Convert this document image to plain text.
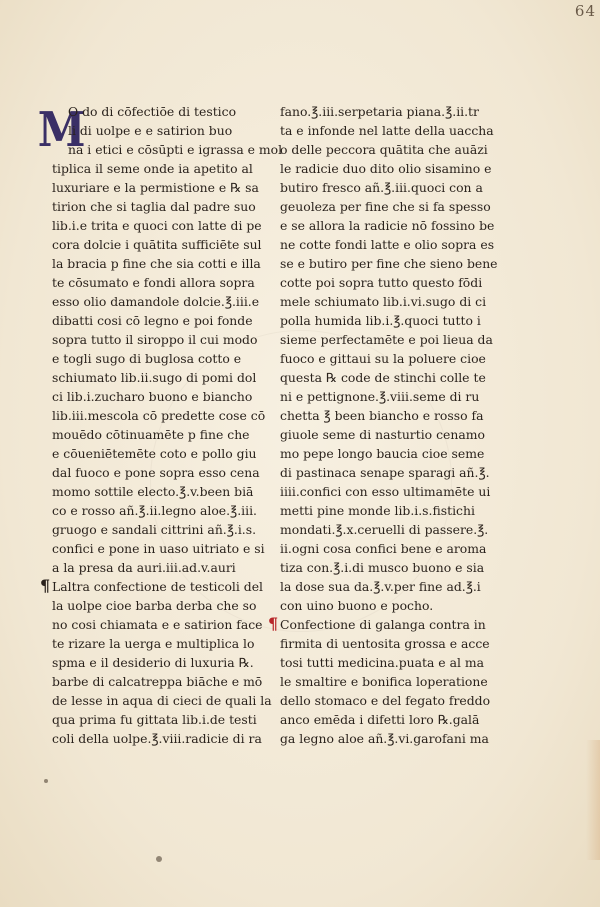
64
M
O do di cōfectiōe di testico
li di uolpe e e satirion buo
na i etici e cōsūpti e igrassa e mol
tiplica il seme onde ia apetito al
luxuriare e la permistione e ℞ sa
tirion che si taglia dal padre suo
lib.i.e trita e quoci con latte di pe
cora dolcie i quātita sufficiēte sul
la bracia p fine che sia cotti e illa
te cōsumato e fondi allora sopra
esso olio damandole dolcie.℥.iii.e
dibatti cosi cō legno e poi fonde
sopra tutto il siroppo il cui modo
e togli sugo di buglosa cotto e
schiumato lib.ii.sugo di pomi dol
ci lib.i.zucharo buono e biancho
lib.iii.mescola cō predette cose cō
mouēdo cōtinuamēte p fine che
e cōueniētemēte coto e pollo giu
dal fuoco e pone sopra esso cena
momo sottile electo.℥.v.been biā
co e rosso añ.℥.ii.legno aloe.℥.iii.
gruogo e sandali cittrini añ.℥.i.s.
confici e pone in uaso uitriato e si
a la presa da auri.iii.ad.v.auri
¶ Laltra confectione de testicoli del
la uolpe cioe barba derba che so
no cosi chiamata e e satirion face
te rizare la uerga e multiplica lo
spma e il desiderio di luxuria ℞.
barbe di calcatreppa biāche e mō
de lesse in aqua di cieci de quali la
qua prima fu gittata lib.i.de testi
coli della uolpe.℥.viii.radicie di ra
fano.℥.iii.serpetaria piana.℥.ii.tr
ta e infonde nel latte della uaccha
o delle peccora quātita che auāzi
le radicie duo dito olio sisamino e
butiro fresco añ.℥.iii.quoci con a
geuoleza per fine che si fa spesso
e se allora la radicie nō fossino be
ne cotte fondi latte e olio sopra es
se e butiro per fine che sieno bene
cotte poi sopra tutto questo fōdi
mele schiumato lib.i.vi.sugo di ci
polla humida lib.i.℥.quoci tutto i
sieme perfectamēte e poi lieua da
fuoco e gittaui su la poluere cioe
questa ℞ code de stinchi colle te
ni e pettignone.℥.viii.seme di ru
chetta ℥ been biancho e rosso fa
giuole seme di nasturtio cenamo
mo pepe longo baucia cioe seme
di pastinaca senape sparagi añ.℥.
iiii.confici con esso ultimamēte ui
metti pine monde lib.i.s.fistichi
mondati.℥.x.ceruelli di passere.℥.
ii.ogni cosa confici bene e aroma
tiza con.℥.i.di musco buono e sia
la dose sua da.℥.v.per fine ad.℥.i
con uino buono e pocho.
¶ Confectione di galanga contra in
firmita di uentosita grossa e acce
tosi tutti medicina.puata e al ma
le smaltire e bonifica loperatione
dello stomaco e del fegato freddo
anco emēda i difetti loro ℞.galā
ga legno aloe añ.℥.vi.garofani ma
